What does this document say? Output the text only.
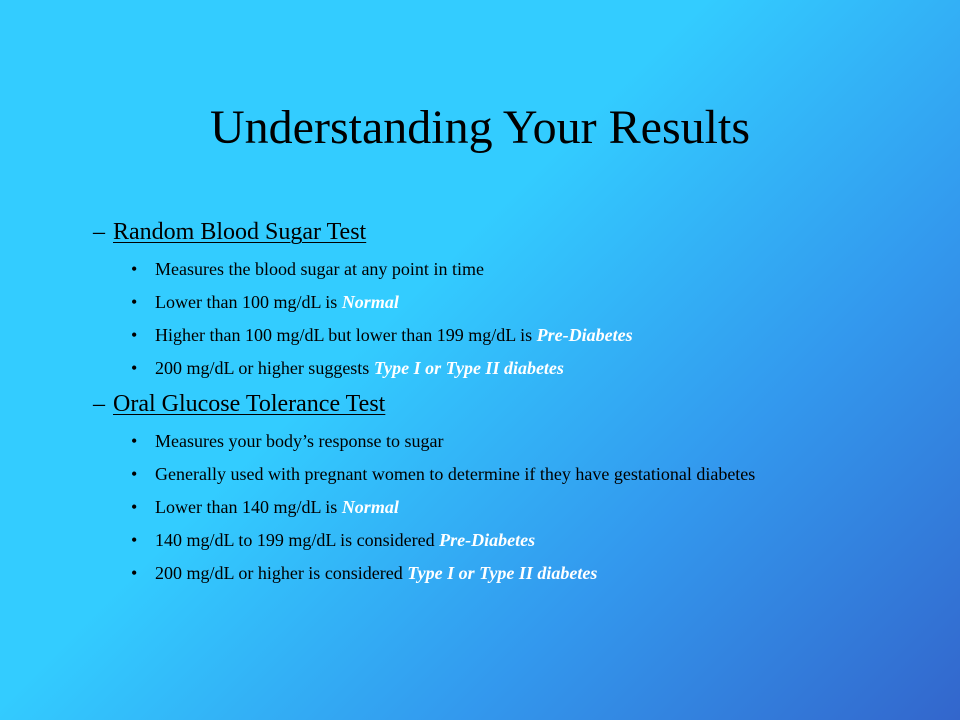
Understanding Your Results
– Random Blood Sugar Test
• Measures the blood sugar at any point in time
• Lower than 100 mg/dL is Normal
• Higher than 100 mg/dL but lower than 199 mg/dL is Pre-Diabetes
• 200 mg/dL or higher suggests Type I or Type II diabetes
– Oral Glucose Tolerance Test
• Measures your body’s response to sugar
• Generally used with pregnant women to determine if they have gestational diabetes
• Lower than 140 mg/dL is Normal
• 140 mg/dL to 199 mg/dL is considered Pre-Diabetes
• 200 mg/dL or higher is considered Type I or Type II diabetes
